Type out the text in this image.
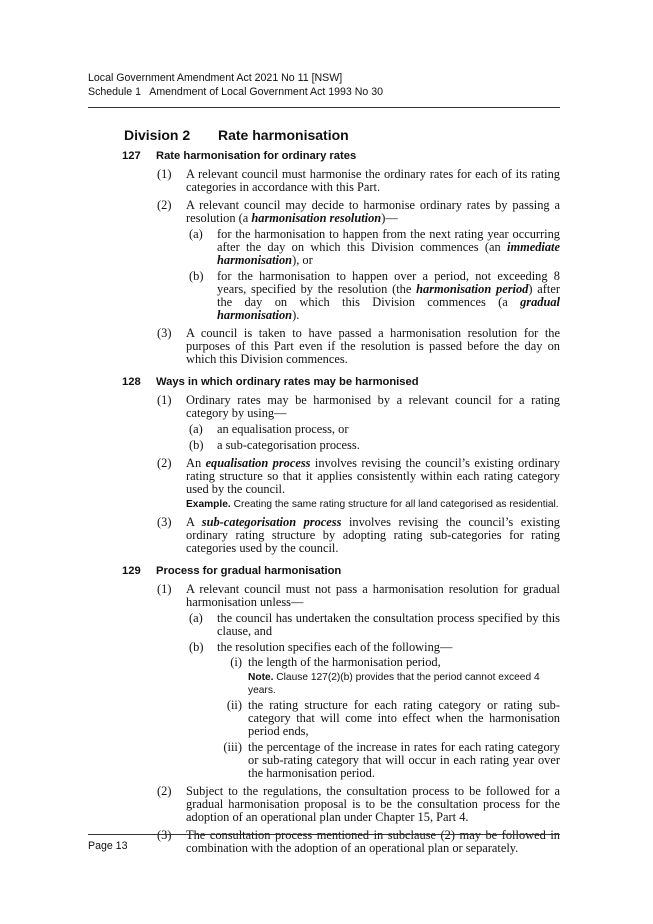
Local Government Amendment Act 2021 No 11 [NSW]
Schedule 1   Amendment of Local Government Act 1993 No 30
Division 2	Rate harmonisation
127	Rate harmonisation for ordinary rates
(1)	A relevant council must harmonise the ordinary rates for each of its rating categories in accordance with this Part.
(2)	A relevant council may decide to harmonise ordinary rates by passing a resolution (a harmonisation resolution)—
(a)	for the harmonisation to happen from the next rating year occurring after the day on which this Division commences (an immediate harmonisation), or
(b)	for the harmonisation to happen over a period, not exceeding 8 years, specified by the resolution (the harmonisation period) after the day on which this Division commences (a gradual harmonisation).
(3)	A council is taken to have passed a harmonisation resolution for the purposes of this Part even if the resolution is passed before the day on which this Division commences.
128	Ways in which ordinary rates may be harmonised
(1)	Ordinary rates may be harmonised by a relevant council for a rating category by using—
(a)	an equalisation process, or
(b)	a sub-categorisation process.
(2)	An equalisation process involves revising the council’s existing ordinary rating structure so that it applies consistently within each rating category used by the council.
Example. Creating the same rating structure for all land categorised as residential.
(3)	A sub-categorisation process involves revising the council’s existing ordinary rating structure by adopting rating sub-categories for rating categories used by the council.
129	Process for gradual harmonisation
(1)	A relevant council must not pass a harmonisation resolution for gradual harmonisation unless—
(a)	the council has undertaken the consultation process specified by this clause, and
(b)	the resolution specifies each of the following—
(i) the length of the harmonisation period,
Note. Clause 127(2)(b) provides that the period cannot exceed 4 years.
(ii) the rating structure for each rating category or rating sub-category that will come into effect when the harmonisation period ends,
(iii) the percentage of the increase in rates for each rating category or sub-rating category that will occur in each rating year over the harmonisation period.
(2)	Subject to the regulations, the consultation process to be followed for a gradual harmonisation proposal is to be the consultation process for the adoption of an operational plan under Chapter 15, Part 4.
(3)	The consultation process mentioned in subclause (2) may be followed in combination with the adoption of an operational plan or separately.
Page 13
